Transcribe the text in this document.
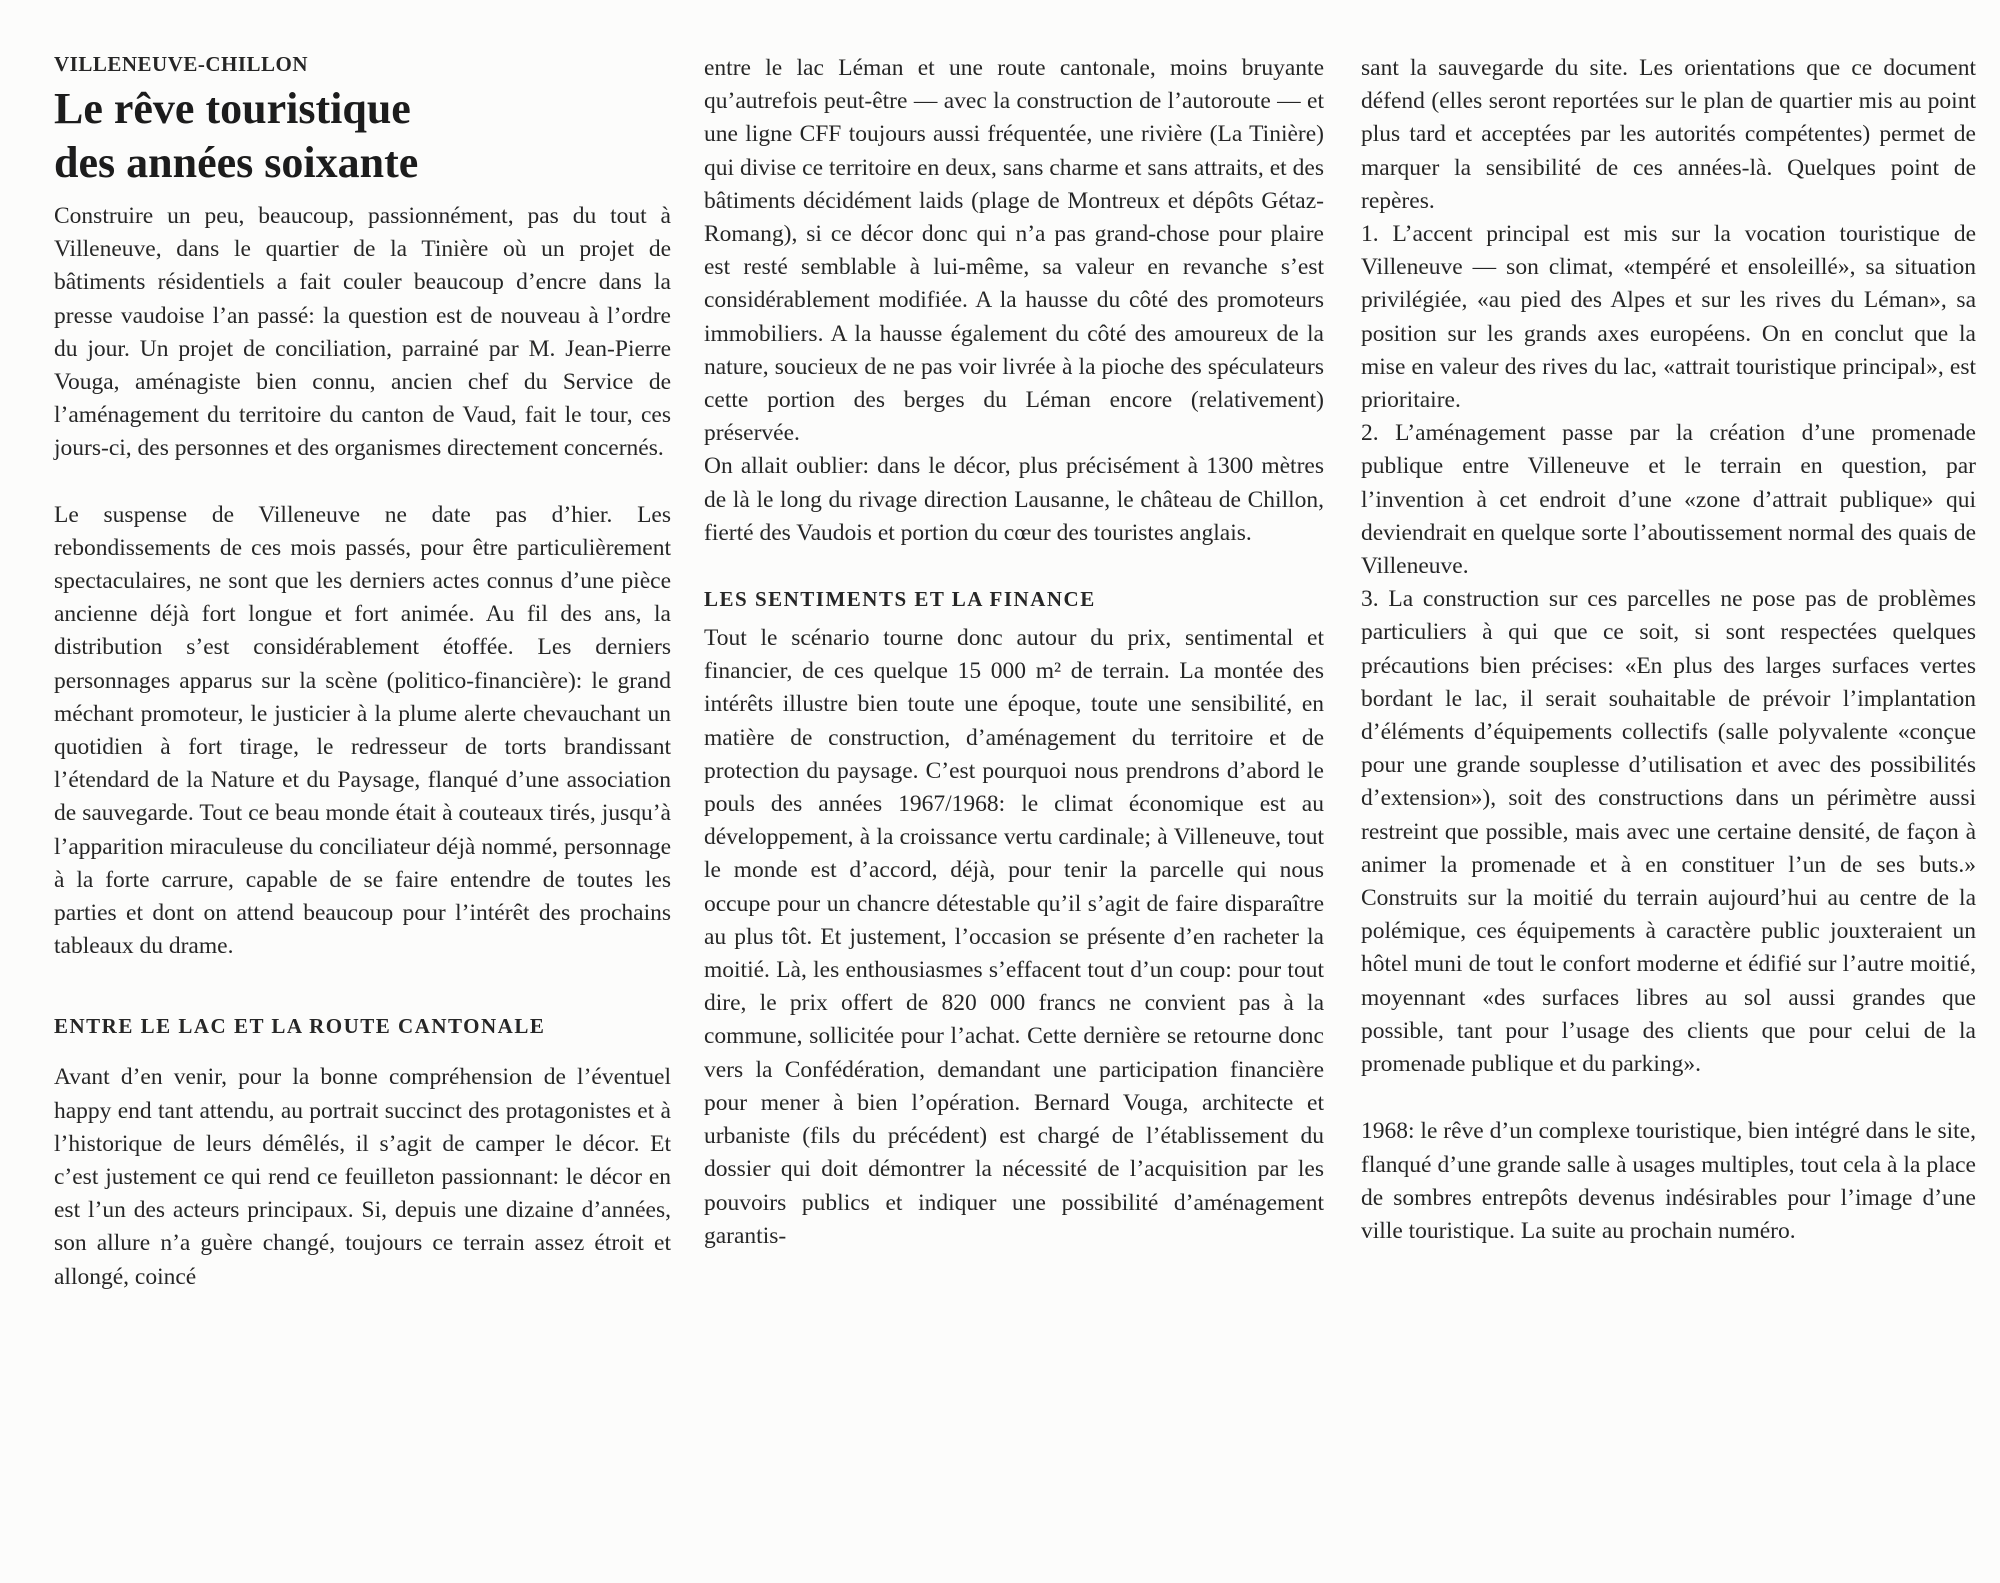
VILLENEUVE-CHILLON
Le rêve touristique
des années soixante

Construire un peu, beaucoup, passionnément, pas du tout à Villeneuve, dans le quartier de la Tinière où un projet de bâtiments résidentiels a fait couler beaucoup d’encre dans la presse vaudoise l’an passé: la question est de nouveau à l’ordre du jour. Un projet de conciliation, parrainé par M. Jean-Pierre Vouga, aménagiste bien connu, ancien chef du Service de l’aménagement du territoire du canton de Vaud, fait le tour, ces jours-ci, des personnes et des organismes directement concernés.

Le suspense de Villeneuve ne date pas d’hier. Les rebondissements de ces mois passés, pour être particulièrement spectaculaires, ne sont que les derniers actes connus d’une pièce ancienne déjà fort longue et fort animée. Au fil des ans, la distribution s’est considérablement étoffée. Les derniers personnages apparus sur la scène (politico-financière): le grand méchant promoteur, le justicier à la plume alerte chevauchant un quotidien à fort tirage, le redresseur de torts brandissant l’étendard de la Nature et du Paysage, flanqué d’une association de sauvegarde. Tout ce beau monde était à couteaux tirés, jusqu’à l’apparition miraculeuse du conciliateur déjà nommé, personnage à la forte carrure, capable de se faire entendre de toutes les parties et dont on attend beaucoup pour l’intérêt des prochains tableaux du drame.

ENTRE LE LAC ET LA ROUTE CANTONALE

Avant d’en venir, pour la bonne compréhension de l’éventuel happy end tant attendu, au portrait succinct des protagonistes et à l’historique de leurs démêlés, il s’agit de camper le décor. Et c’est justement ce qui rend ce feuilleton passionnant: le décor en est l’un des acteurs principaux. Si, depuis une dizaine d’années, son allure n’a guère changé, toujours ce terrain assez étroit et allongé, coincé

entre le lac Léman et une route cantonale, moins bruyante qu’autrefois peut-être — avec la construction de l’autoroute — et une ligne CFF toujours aussi fréquentée, une rivière (La Tinière) qui divise ce territoire en deux, sans charme et sans attraits, et des bâtiments décidément laids (plage de Montreux et dépôts Gétaz-Romang), si ce décor donc qui n’a pas grand-chose pour plaire est resté semblable à lui-même, sa valeur en revanche s’est considérablement modifiée. A la hausse du côté des promoteurs immobiliers. A la hausse également du côté des amoureux de la nature, soucieux de ne pas voir livrée à la pioche des spéculateurs cette portion des berges du Léman encore (relativement) préservée.

On allait oublier: dans le décor, plus précisément à 1300 mètres de là le long du rivage direction Lausanne, le château de Chillon, fierté des Vaudois et portion du cœur des touristes anglais.

LES SENTIMENTS ET LA FINANCE

Tout le scénario tourne donc autour du prix, sentimental et financier, de ces quelque 15 000 m² de terrain. La montée des intérêts illustre bien toute une époque, toute une sensibilité, en matière de construction, d’aménagement du territoire et de protection du paysage. C’est pourquoi nous prendrons d’abord le pouls des années 1967/1968: le climat économique est au développement, à la croissance vertu cardinale; à Villeneuve, tout le monde est d’accord, déjà, pour tenir la parcelle qui nous occupe pour un chancre détestable qu’il s’agit de faire disparaître au plus tôt. Et justement, l’occasion se présente d’en racheter la moitié. Là, les enthousiasmes s’effacent tout d’un coup: pour tout dire, le prix offert de 820 000 francs ne convient pas à la commune, sollicitée pour l’achat. Cette dernière se retourne donc vers la Confédération, demandant une participation financière pour mener à bien l’opération. Bernard Vouga, architecte et urbaniste (fils du précédent) est chargé de l’établissement du dossier qui doit démontrer la nécessité de l’acquisition par les pouvoirs publics et indiquer une possibilité d’aménagement garantis-

sant la sauvegarde du site. Les orientations que ce document défend (elles seront reportées sur le plan de quartier mis au point plus tard et acceptées par les autorités compétentes) permet de marquer la sensibilité de ces années-là. Quelques point de repères.

1. L’accent principal est mis sur la vocation touristique de Villeneuve — son climat, «tempéré et ensoleillé», sa situation privilégiée, «au pied des Alpes et sur les rives du Léman», sa position sur les grands axes européens. On en conclut que la mise en valeur des rives du lac, «attrait touristique principal», est prioritaire.

2. L’aménagement passe par la création d’une promenade publique entre Villeneuve et le terrain en question, par l’invention à cet endroit d’une «zone d’attrait publique» qui deviendrait en quelque sorte l’aboutissement normal des quais de Villeneuve.

3. La construction sur ces parcelles ne pose pas de problèmes particuliers à qui que ce soit, si sont respectées quelques précautions bien précises: «En plus des larges surfaces vertes bordant le lac, il serait souhaitable de prévoir l’implantation d’éléments d’équipements collectifs (salle polyvalente «conçue pour une grande souplesse d’utilisation et avec des possibilités d’extension»), soit des constructions dans un périmètre aussi restreint que possible, mais avec une certaine densité, de façon à animer la promenade et à en constituer l’un de ses buts.» Construits sur la moitié du terrain aujourd’hui au centre de la polémique, ces équipements à caractère public jouxteraient un hôtel muni de tout le confort moderne et édifié sur l’autre moitié, moyennant «des surfaces libres au sol aussi grandes que possible, tant pour l’usage des clients que pour celui de la promenade publique et du parking».

1968: le rêve d’un complexe touristique, bien intégré dans le site, flanqué d’une grande salle à usages multiples, tout cela à la place de sombres entrepôts devenus indésirables pour l’image d’une ville touristique. La suite au prochain numéro.
